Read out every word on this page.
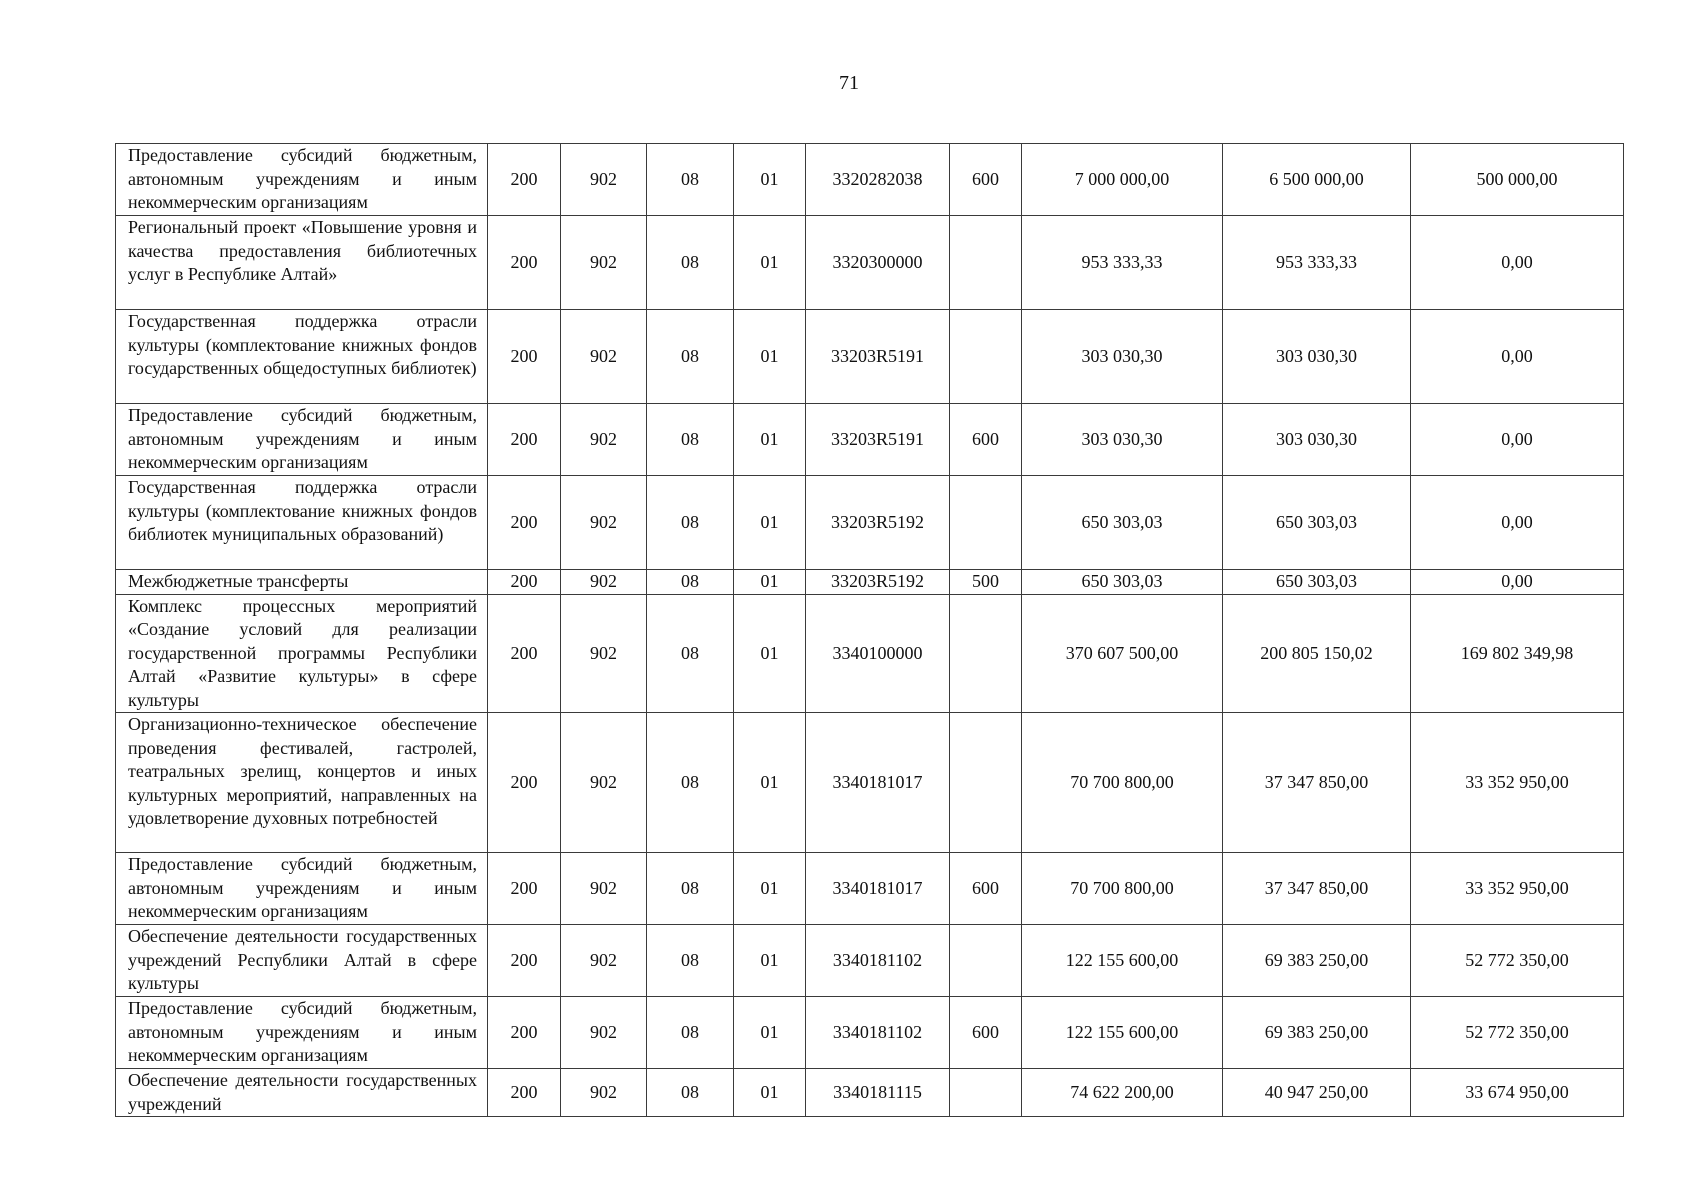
71
Предоставление субсидий бюджетным, автономным учреждениям и иным некоммерческим организациям	200	902	08	01	3320282038	600	7 000 000,00	6 500 000,00	500 000,00
Региональный проект «Повышение уровня и качества предоставления библиотечных услуг в Республике Алтай»	200	902	08	01	3320300000		953 333,33	953 333,33	0,00
Государственная поддержка отрасли культуры (комплектование книжных фондов государственных общедоступных библиотек)	200	902	08	01	33203R5191		303 030,30	303 030,30	0,00
Предоставление субсидий бюджетным, автономным учреждениям и иным некоммерческим организациям	200	902	08	01	33203R5191	600	303 030,30	303 030,30	0,00
Государственная поддержка отрасли культуры (комплектование книжных фондов библиотек муниципальных образований)	200	902	08	01	33203R5192		650 303,03	650 303,03	0,00
Межбюджетные трансферты	200	902	08	01	33203R5192	500	650 303,03	650 303,03	0,00
Комплекс процессных мероприятий «Создание условий для реализации государственной программы Республики Алтай «Развитие культуры» в сфере культуры	200	902	08	01	3340100000		370 607 500,00	200 805 150,02	169 802 349,98
Организационно-техническое обеспечение проведения фестивалей, гастролей, театральных зрелищ, концертов и иных культурных мероприятий, направленных на удовлетворение духовных потребностей	200	902	08	01	3340181017		70 700 800,00	37 347 850,00	33 352 950,00
Предоставление субсидий бюджетным, автономным учреждениям и иным некоммерческим организациям	200	902	08	01	3340181017	600	70 700 800,00	37 347 850,00	33 352 950,00
Обеспечение деятельности государственных учреждений Республики Алтай в сфере культуры	200	902	08	01	3340181102		122 155 600,00	69 383 250,00	52 772 350,00
Предоставление субсидий бюджетным, автономным учреждениям и иным некоммерческим организациям	200	902	08	01	3340181102	600	122 155 600,00	69 383 250,00	52 772 350,00
Обеспечение деятельности государственных учреждений	200	902	08	01	3340181115		74 622 200,00	40 947 250,00	33 674 950,00
